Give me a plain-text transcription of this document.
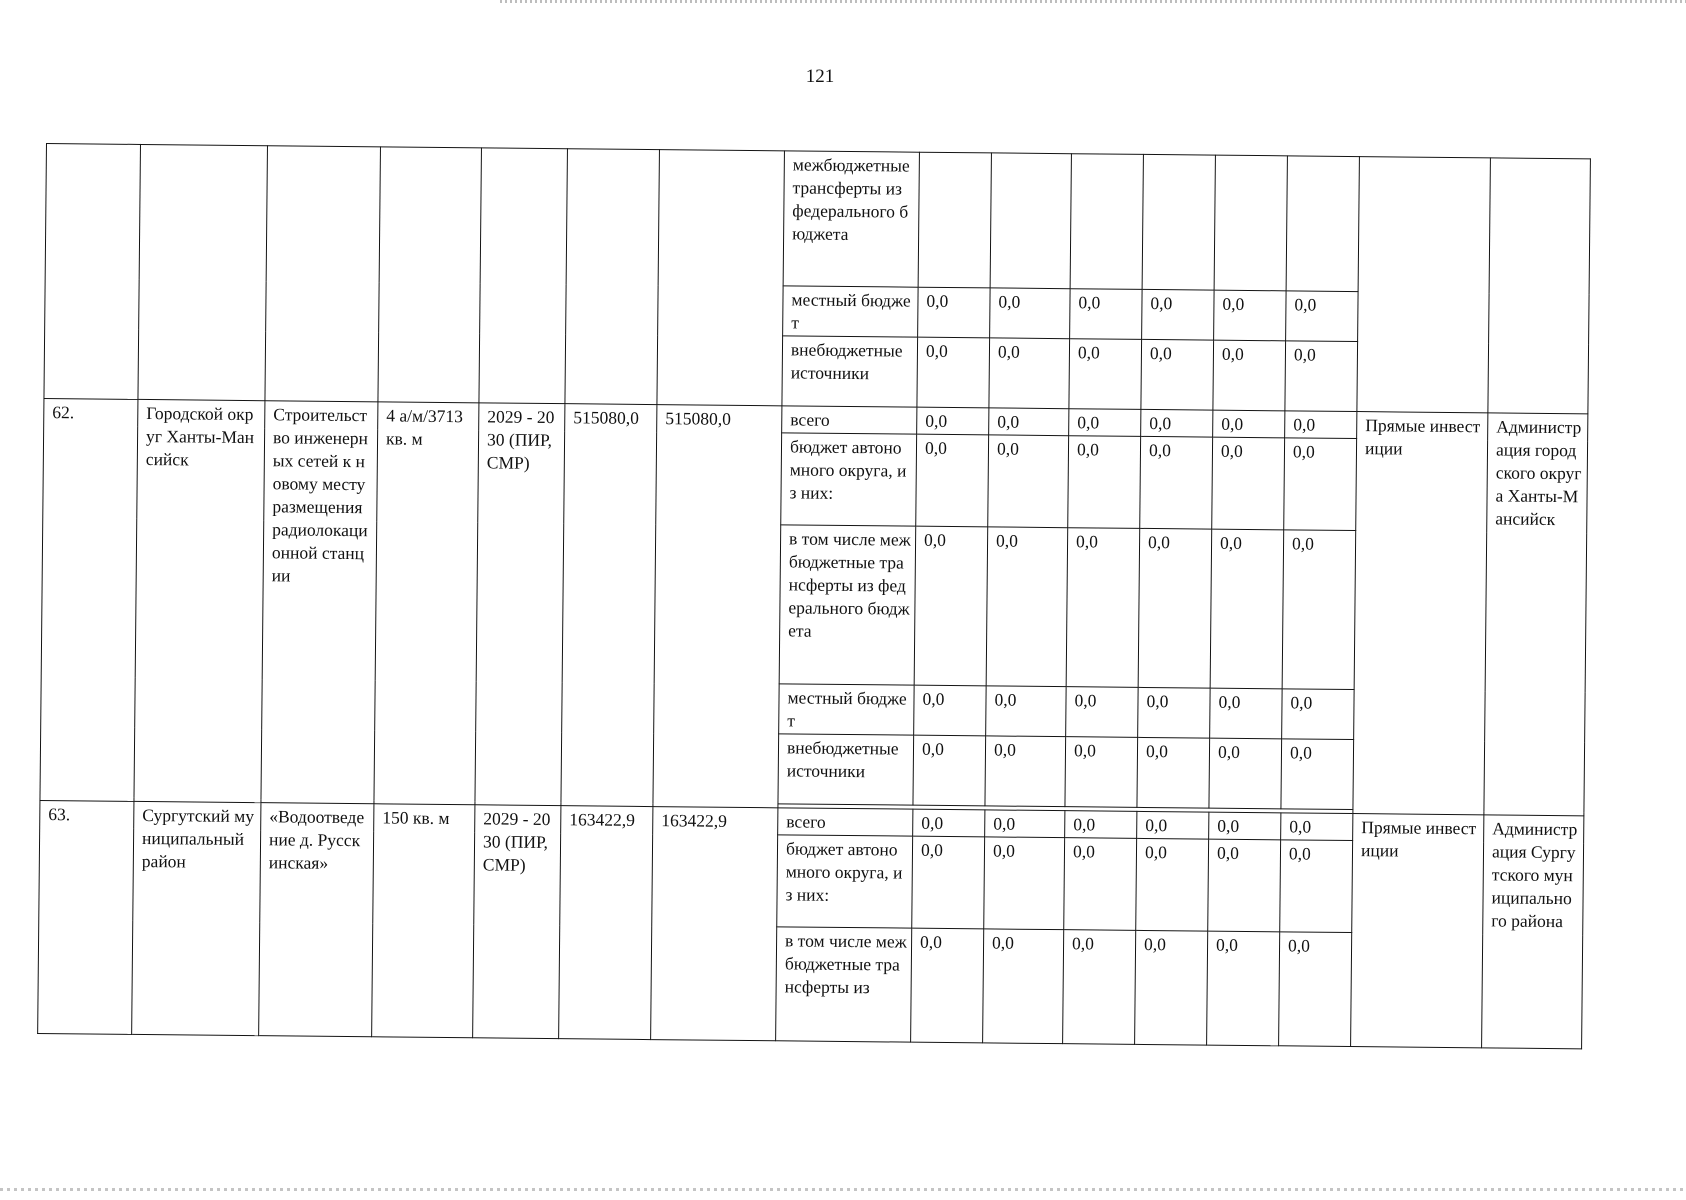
121
							межбюджетные трансферты из федерального бюджета								
							местный бюджет	0,0	0,0	0,0	0,0	0,0	0,0		
							внебюджетные источники	0,0	0,0	0,0	0,0	0,0	0,0		
62.	Городской округ Ханты-Мансийск	Строительство инженерных сетей к новому месту размещения радиолокационной станции	4 а/м/3713 кв. м	2029 - 2030 (ПИР, СМР)	515080,0	515080,0	всего	0,0	0,0	0,0	0,0	0,0	0,0	Прямые инвестиции	Администрация городского округа Ханты-Мансийск
							бюджет автономного округа, из них:	0,0	0,0	0,0	0,0	0,0	0,0		
							в том числе межбюджетные трансферты из федерального бюджета	0,0	0,0	0,0	0,0	0,0	0,0		
							местный бюджет	0,0	0,0	0,0	0,0	0,0	0,0		
							внебюджетные источники	0,0	0,0	0,0	0,0	0,0	0,0		

63.	Сургутский муниципальный район	«Водоотведение д. Русскинская»	150 кв. м	2029 - 2030 (ПИР, СМР)	163422,9	163422,9	всего	0,0	0,0	0,0	0,0	0,0	0,0	Прямые инвестиции	Администрация Сургутского муниципального района
							бюджет автономного округа, из них:	0,0	0,0	0,0	0,0	0,0	0,0		
							в том числе межбюджетные трансферты из	0,0	0,0	0,0	0,0	0,0	0,0		
